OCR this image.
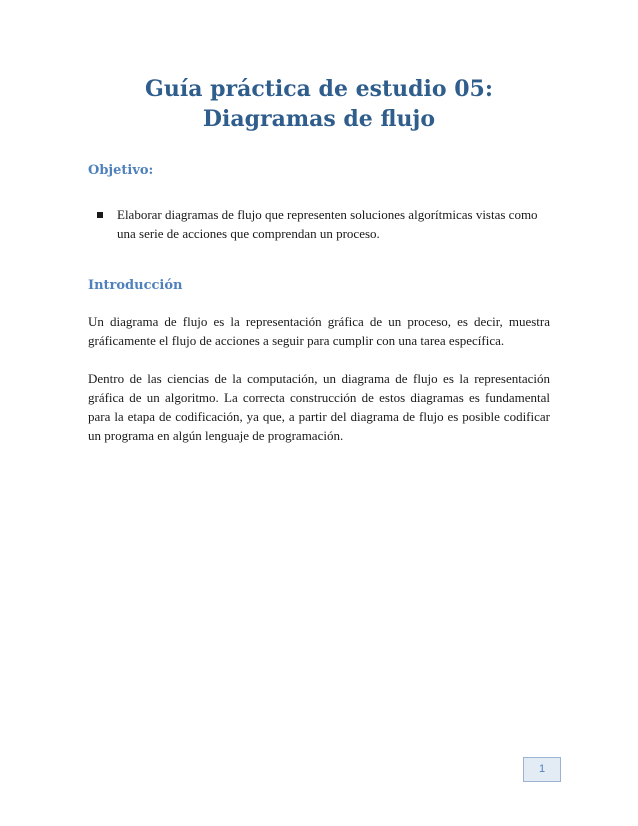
Guía práctica de estudio 05: Diagramas de flujo
Objetivo:
Elaborar diagramas de flujo que representen soluciones algorítmicas vistas como una serie de acciones que comprendan un proceso.
Introducción

Un diagrama de flujo es la representación gráfica de un proceso, es decir, muestra gráficamente el flujo de acciones a seguir para cumplir con una tarea específica.

Dentro de las ciencias de la computación, un diagrama de flujo es la representación gráfica de un algoritmo. La correcta construcción de estos diagramas es fundamental para la etapa de codificación, ya que, a partir del diagrama de flujo es posible codificar un programa en algún lenguaje de programación.

1
